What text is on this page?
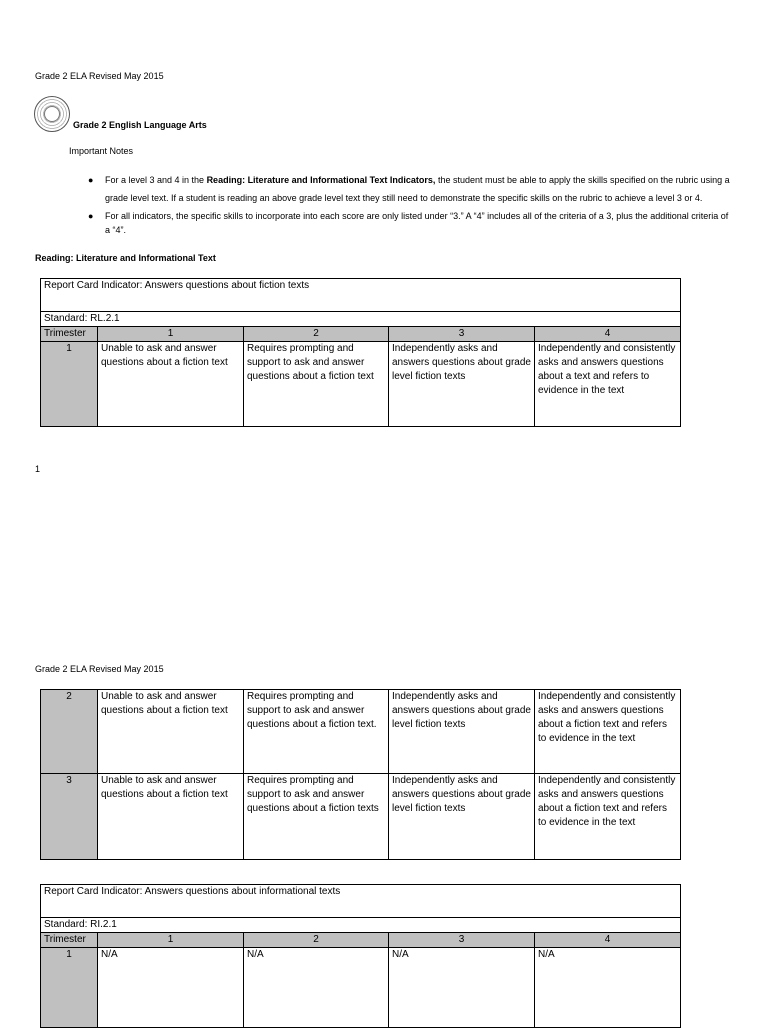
Grade 2 ELA Revised May 2015
Grade 2 English Language Arts
Important Notes
● For a level 3 and 4 in the Reading: Literature and Informational Text Indicators, the student must be able to apply the skills specified on the rubric using a grade level text. If a student is reading an above grade level text they still need to demonstrate the specific skills on the rubric to achieve a level 3 or 4.
● For all indicators, the specific skills to incorporate into each score are only listed under “3.” A “4” includes all of the criteria of a 3, plus the additional criteria of a “4”.
Reading: Literature and Informational Text
Report Card Indicator: Answers questions about fiction texts				
Standard: RL.2.1				
Trimester	1	2	3	4
1	Unable to ask and answer questions about a fiction text	Requires prompting and support to ask and answer questions about a fiction text	Independently asks and answers questions about grade level fiction texts	Independently and consistently asks and answers questions about a text and refers to evidence in the text
1
Grade 2 ELA Revised May 2015
2	Unable to ask and answer questions about a fiction text	Requires prompting and support to ask and answer questions about a fiction text.	Independently asks and answers questions about grade level fiction texts	Independently and consistently asks and answers questions about a fiction text and refers to evidence in the text
3	Unable to ask and answer questions about a fiction text	Requires prompting and support to ask and answer questions about a fiction texts	Independently asks and answers questions about grade level fiction texts	Independently and consistently asks and answers questions about a fiction text and refers to evidence in the text
Report Card Indicator: Answers questions about informational texts				
Standard: RI.2.1				
Trimester	1	2	3	4
1	N/A	N/A	N/A	N/A
